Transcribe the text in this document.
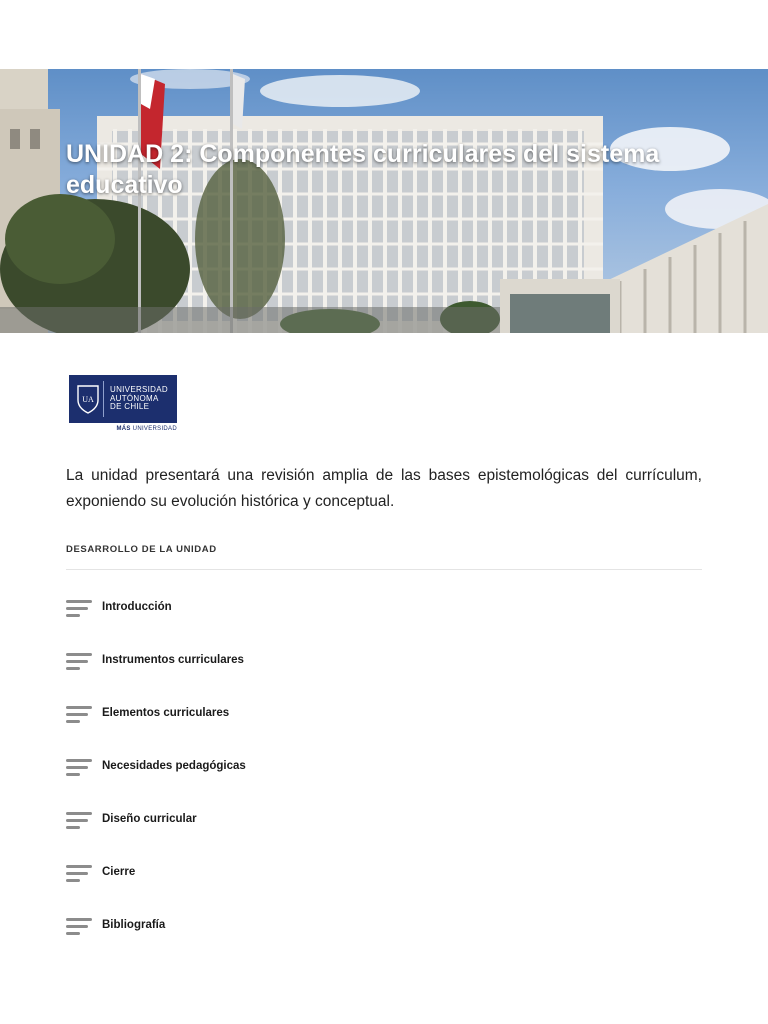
UNIDAD 2: Componentes curriculares del sistema educativo
UA
UNIVERSIDAD
AUTÓNOMA
DE CHILE
MÁS UNIVERSIDAD

La unidad presentará una revisión amplia de las bases epistemológicas del currículum, exponiendo su evolución histórica y conceptual.

DESARROLLO DE LA UNIDAD
Introducción
Instrumentos curriculares
Elementos curriculares
Necesidades pedagógicas
Diseño curricular
Cierre
Bibliografía
